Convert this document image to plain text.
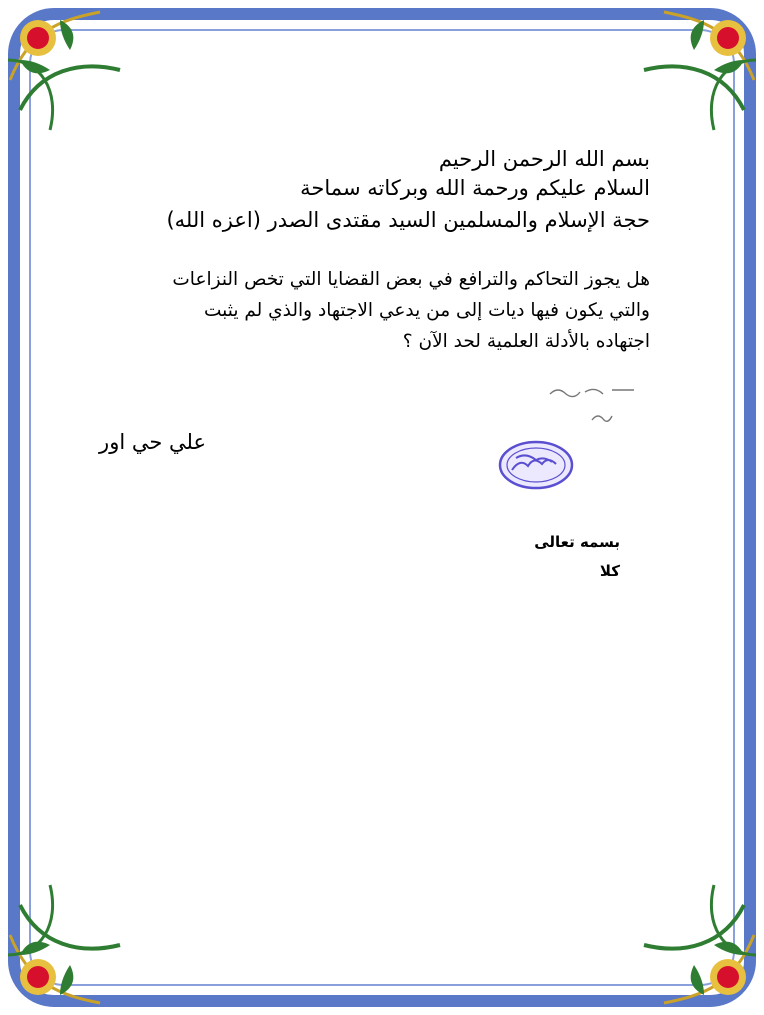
بسم الله الرحمن الرحيم
السلام عليكم ورحمة الله وبركاته سماحة
حجة الإسلام والمسلمين السيد مقتدى الصدر (اعزه الله)
هل يجوز التحاكم والترافع في بعض القضايا التي تخص النزاعات
والتي يكون فيها ديات إلى من يدعي الاجتهاد والذي لم يثبت
اجتهاده بالأدلة العلمية لحد الآن ؟
علي حي اور
بسمه تعالى
كلا
